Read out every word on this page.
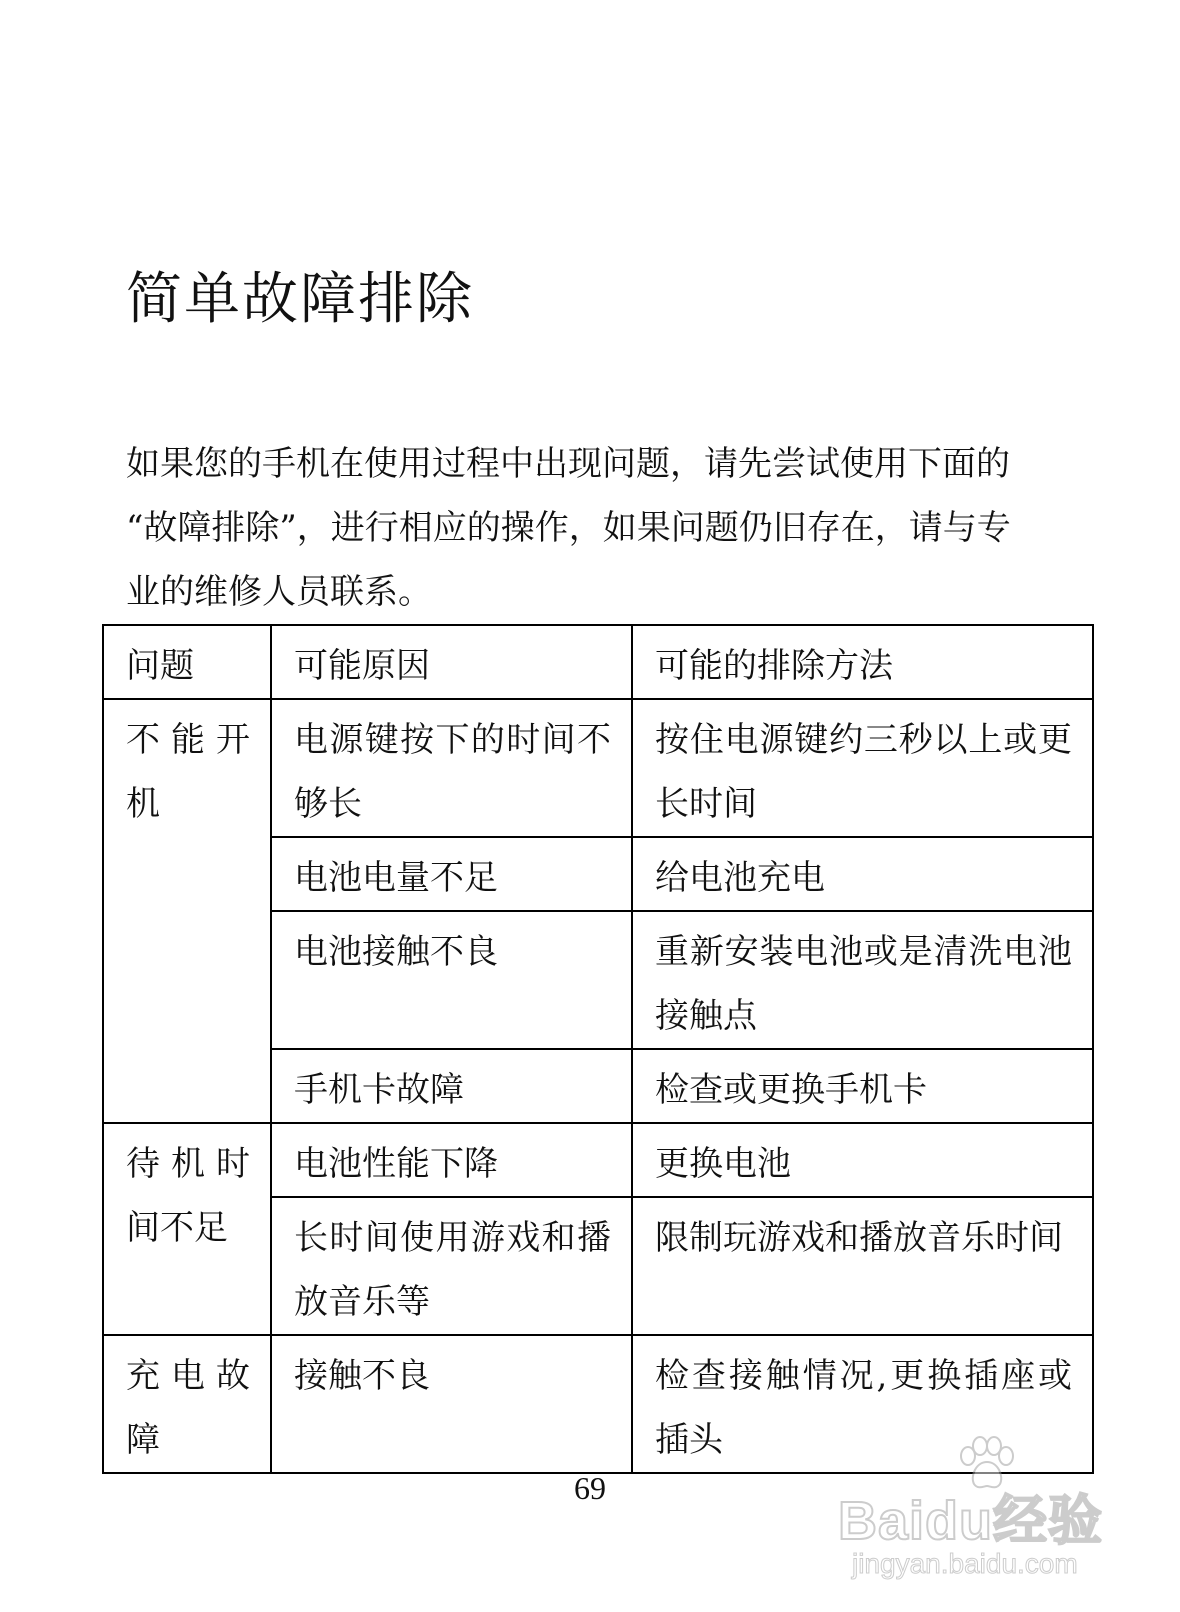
简单故障排除
如果您的手机在使用过程中出现问题，请先尝试使用下面的
“故障排除”，进行相应的操作，如果问题仍旧存在，请与专
业的维修人员联系。
问题	可能原因	可能的排除方法
不能开机	电源键按下的时间不够长	按住电源键约三秒以上或更长时间
	电池电量不足	给电池充电
	电池接触不良	重新安装电池或是清洗电池接触点
	手机卡故障	检查或更换手机卡
待机时间不足	电池性能下降	更换电池
	长时间使用游戏和播放音乐等	限制玩游戏和播放音乐时间
充电故障	接触不良	检查接触情况,更换插座或插头
69
Baidu经验
jingyan.baidu.com
